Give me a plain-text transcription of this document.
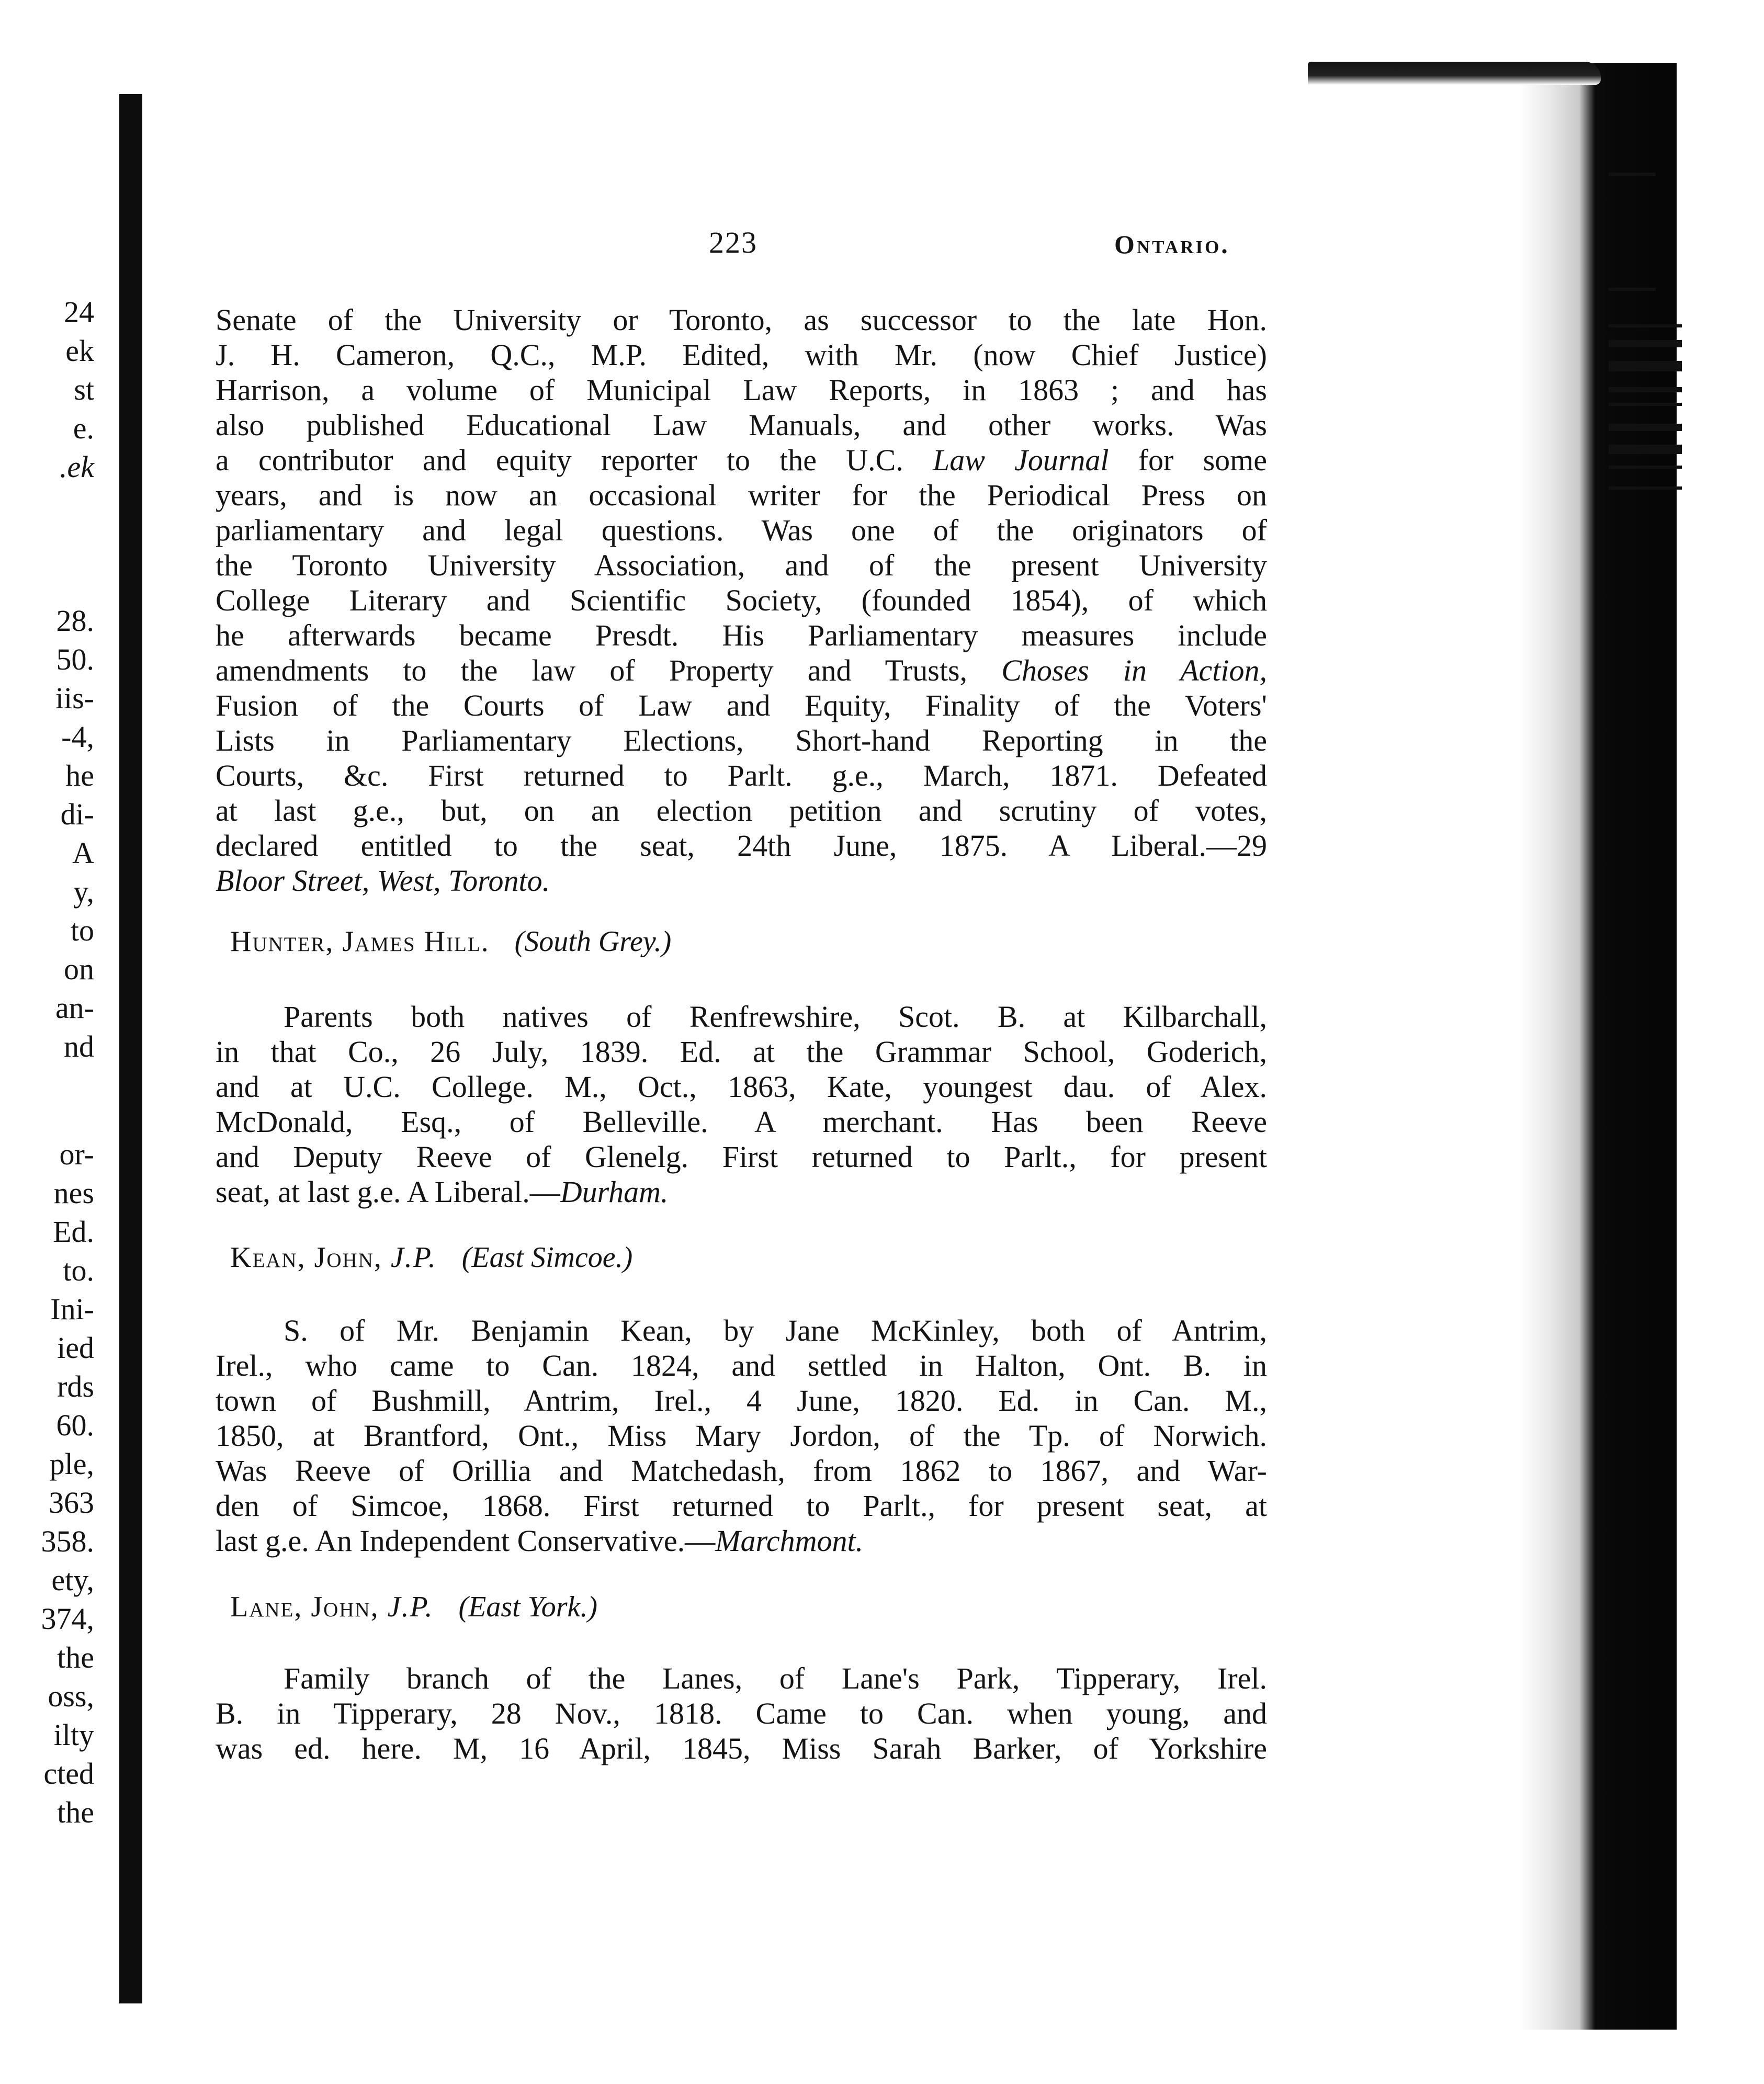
24
ek
st
e.
.ek
28.
50.
iis-
-4,
he
di-
A
y,
to
on
an-
nd
or-
nes
Ed.
to.
Ini-
ied
rds
60.
ple,
363
358.
ety,
374,
the
oss,
ilty
cted
the
223	Ontario.
Senate of the University or Toronto, as successor to the late Hon.
J. H. Cameron, Q.C., M.P. Edited, with Mr. (now Chief Justice)
Harrison, a volume of Municipal Law Reports, in 1863 ; and has
also published Educational Law Manuals, and other works. Was
a contributor and equity reporter to the U.C. Law Journal for some
years, and is now an occasional writer for the Periodical Press on
parliamentary and legal questions. Was one of the originators of
the Toronto University Association, and of the present University
College Literary and Scientific Society, (founded 1854), of which
he afterwards became Presdt. His Parliamentary measures include
amendments to the law of Property and Trusts, Choses in Action,
Fusion of the Courts of Law and Equity, Finality of the Voters'
Lists in Parliamentary Elections, Short-hand Reporting in the
Courts, &c. First returned to Parlt. g.e., March, 1871. Defeated
at last g.e., but, on an election petition and scrutiny of votes,
declared entitled to the seat, 24th June, 1875. A Liberal.—29
Bloor Street, West, Toronto.
Hunter, James Hill. (South Grey.)
Parents both natives of Renfrewshire, Scot. B. at Kilbarchall,
in that Co., 26 July, 1839. Ed. at the Grammar School, Goderich,
and at U.C. College. M., Oct., 1863, Kate, youngest dau. of Alex.
McDonald, Esq., of Belleville. A merchant. Has been Reeve
and Deputy Reeve of Glenelg. First returned to Parlt., for present
seat, at last g.e. A Liberal.—Durham.
Kean, John, J.P. (East Simcoe.)
S. of Mr. Benjamin Kean, by Jane McKinley, both of Antrim,
Irel., who came to Can. 1824, and settled in Halton, Ont. B. in
town of Bushmill, Antrim, Irel., 4 June, 1820. Ed. in Can. M.,
1850, at Brantford, Ont., Miss Mary Jordon, of the Tp. of Norwich.
Was Reeve of Orillia and Matchedash, from 1862 to 1867, and War-
den of Simcoe, 1868. First returned to Parlt., for present seat, at
last g.e. An Independent Conservative.—Marchmont.
Lane, John, J.P. (East York.)
Family branch of the Lanes, of Lane's Park, Tipperary, Irel.
B. in Tipperary, 28 Nov., 1818. Came to Can. when young, and
was ed. here. M, 16 April, 1845, Miss Sarah Barker, of Yorkshire
